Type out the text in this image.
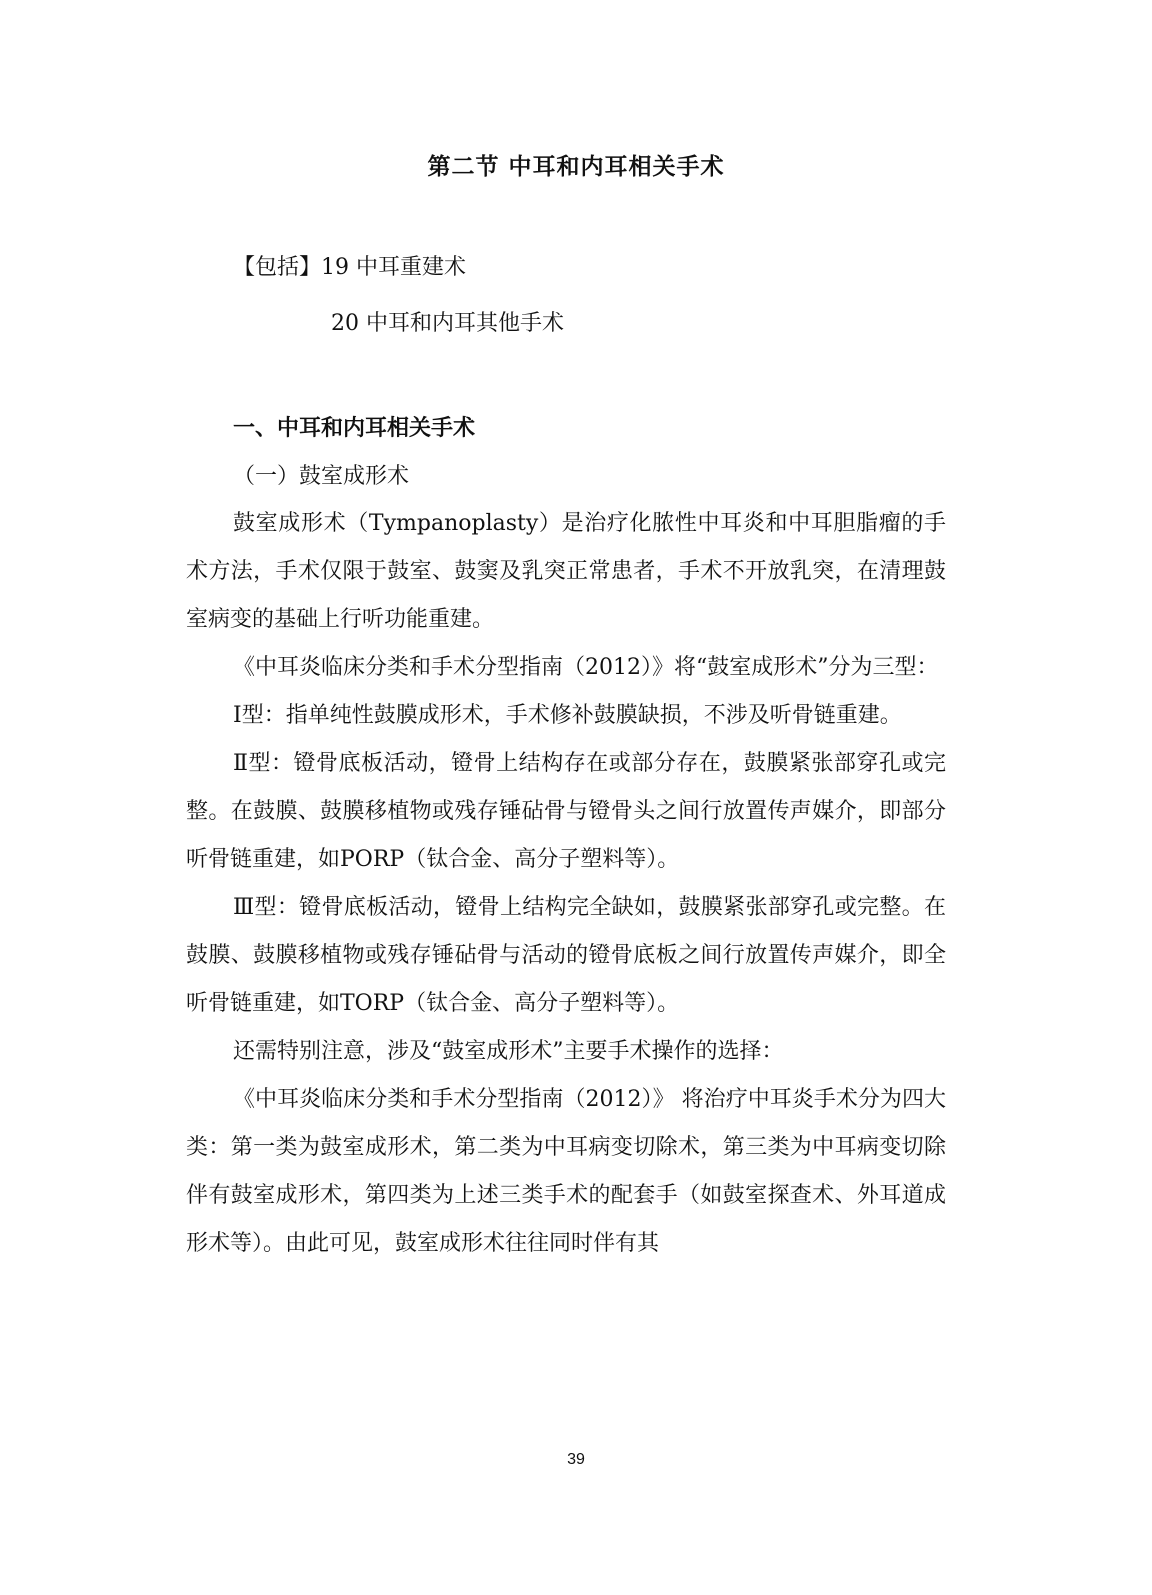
第二节 中耳和内耳相关手术
【包括】19 中耳重建术
20 中耳和内耳其他手术
一、中耳和内耳相关手术
（一）鼓室成形术

鼓室成形术（Tympanoplasty）是治疗化脓性中耳炎和中耳胆脂瘤的手术方法，手术仅限于鼓室、鼓窦及乳突正常患者，手术不开放乳突，在清理鼓室病变的基础上行听功能重建。

《中耳炎临床分类和手术分型指南（2012）》将“鼓室成形术”分为三型：

Ⅰ型：指单纯性鼓膜成形术，手术修补鼓膜缺损，不涉及听骨链重建。

Ⅱ型：镫骨底板活动，镫骨上结构存在或部分存在，鼓膜紧张部穿孔或完整。在鼓膜、鼓膜移植物或残存锤砧骨与镫骨头之间行放置传声媒介，即部分听骨链重建，如PORP（钛合金、高分子塑料等）。

Ⅲ型：镫骨底板活动，镫骨上结构完全缺如，鼓膜紧张部穿孔或完整。在鼓膜、鼓膜移植物或残存锤砧骨与活动的镫骨底板之间行放置传声媒介，即全听骨链重建，如TORP（钛合金、高分子塑料等）。

还需特别注意，涉及“鼓室成形术”主要手术操作的选择：

《中耳炎临床分类和手术分型指南（2012）》 将治疗中耳炎手术分为四大类：第一类为鼓室成形术，第二类为中耳病变切除术，第三类为中耳病变切除伴有鼓室成形术，第四类为上述三类手术的配套手（如鼓室探查术、外耳道成形术等）。由此可见，鼓室成形术往往同时伴有其

39
